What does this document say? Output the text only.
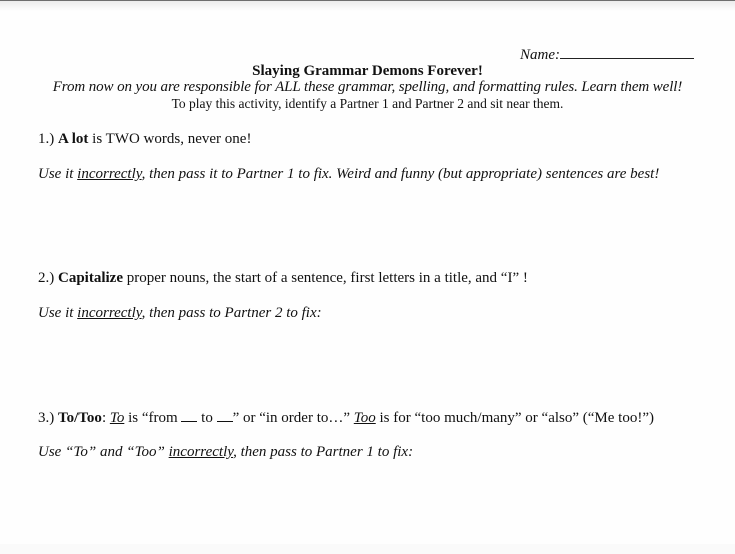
Name:
Slaying Grammar Demons Forever!
From now on you are responsible for ALL these grammar, spelling, and formatting rules. Learn them well!
To play this activity, identify a Partner 1 and Partner 2 and sit near them.
1.) A lot is TWO words, never one!
Use it incorrectly, then pass it to Partner 1 to fix. Weird and funny (but appropriate) sentences are best!
2.) Capitalize proper nouns, the start of a sentence, first letters in a title, and “I” !
Use it incorrectly, then pass to Partner 2 to fix:
3.) To/Too: To is “from  to ” or “in order to…” Too is for “too much/many” or “also” (“Me too!”)
Use “To” and “Too” incorrectly, then pass to Partner 1 to fix:
